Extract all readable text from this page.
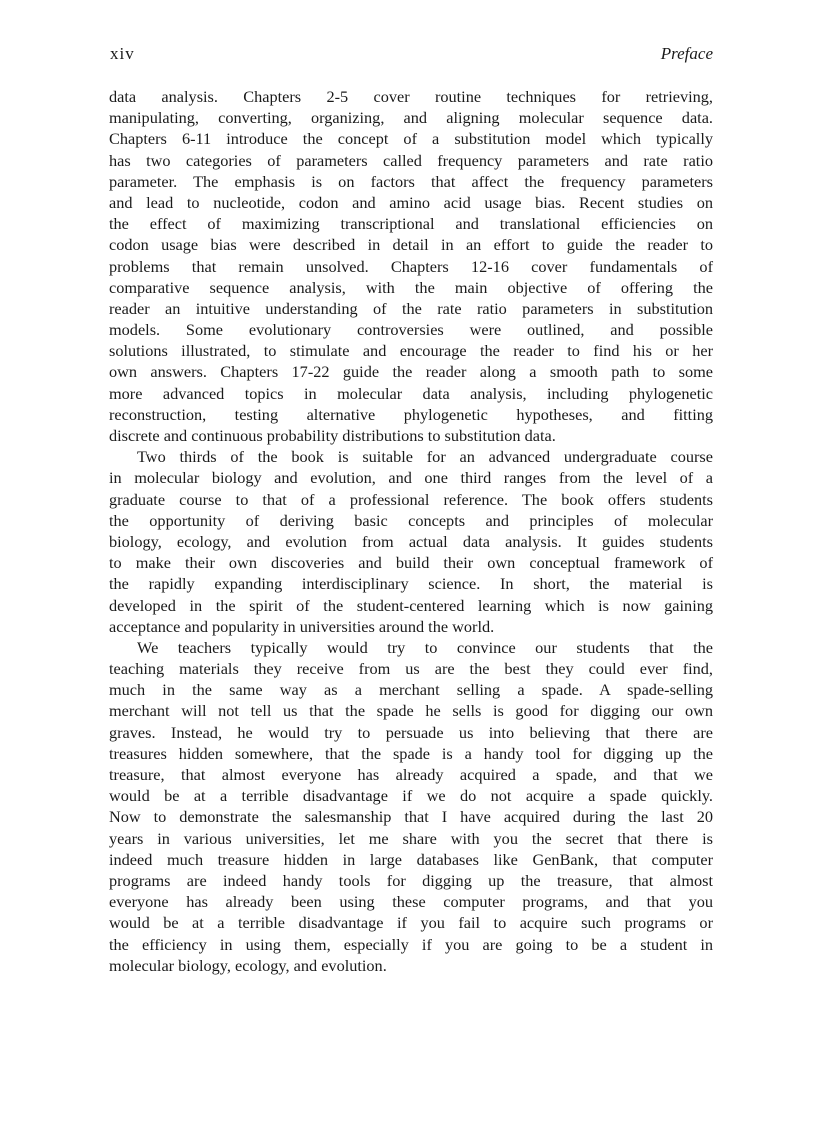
xiv	Preface
data analysis. Chapters 2-5 cover routine techniques for retrieving,
manipulating, converting, organizing, and aligning molecular sequence data.
Chapters 6-11 introduce the concept of a substitution model which typically
has two categories of parameters called frequency parameters and rate ratio
parameter. The emphasis is on factors that affect the frequency parameters
and lead to nucleotide, codon and amino acid usage bias. Recent studies on
the effect of maximizing transcriptional and translational efficiencies on
codon usage bias were described in detail in an effort to guide the reader to
problems that remain unsolved. Chapters 12-16 cover fundamentals of
comparative sequence analysis, with the main objective of offering the
reader an intuitive understanding of the rate ratio parameters in substitution
models. Some evolutionary controversies were outlined, and possible
solutions illustrated, to stimulate and encourage the reader to find his or her
own answers. Chapters 17-22 guide the reader along a smooth path to some
more advanced topics in molecular data analysis, including phylogenetic
reconstruction, testing alternative phylogenetic hypotheses, and fitting
discrete and continuous probability distributions to substitution data.
Two thirds of the book is suitable for an advanced undergraduate course
in molecular biology and evolution, and one third ranges from the level of a
graduate course to that of a professional reference. The book offers students
the opportunity of deriving basic concepts and principles of molecular
biology, ecology, and evolution from actual data analysis. It guides students
to make their own discoveries and build their own conceptual framework of
the rapidly expanding interdisciplinary science. In short, the material is
developed in the spirit of the student-centered learning which is now gaining
acceptance and popularity in universities around the world.
We teachers typically would try to convince our students that the
teaching materials they receive from us are the best they could ever find,
much in the same way as a merchant selling a spade. A spade-selling
merchant will not tell us that the spade he sells is good for digging our own
graves. Instead, he would try to persuade us into believing that there are
treasures hidden somewhere, that the spade is a handy tool for digging up the
treasure, that almost everyone has already acquired a spade, and that we
would be at a terrible disadvantage if we do not acquire a spade quickly.
Now to demonstrate the salesmanship that I have acquired during the last 20
years in various universities, let me share with you the secret that there is
indeed much treasure hidden in large databases like GenBank, that computer
programs are indeed handy tools for digging up the treasure, that almost
everyone has already been using these computer programs, and that you
would be at a terrible disadvantage if you fail to acquire such programs or
the efficiency in using them, especially if you are going to be a student in
molecular biology, ecology, and evolution.
